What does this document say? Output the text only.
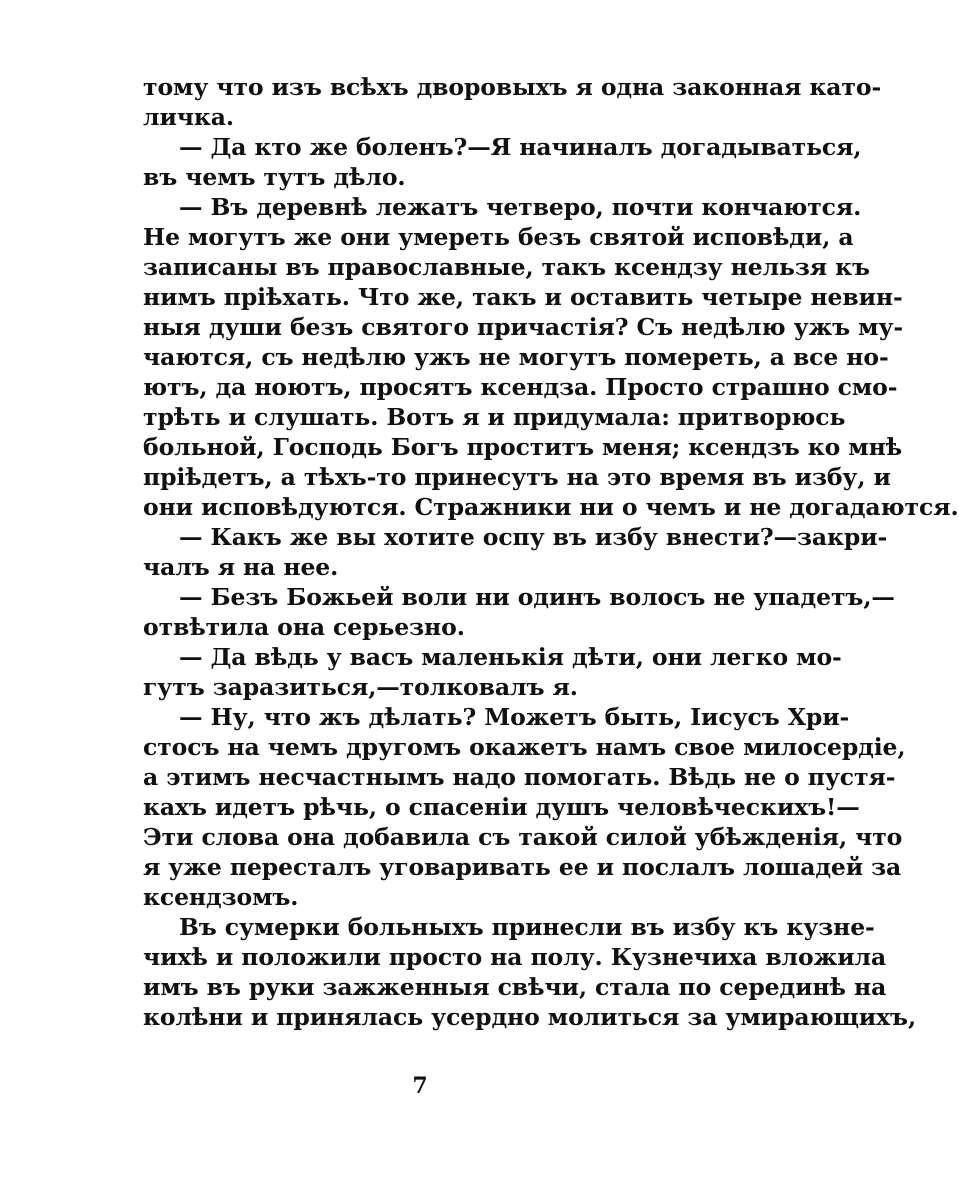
тому что изъ всѣхъ дворовыхъ я одна законная като-
личка.
— Да кто же боленъ?—Я начиналъ догадываться,
въ чемъ тутъ дѣло.
— Въ деревнѣ лежатъ четверо, почти кончаются.
Не могутъ же они умереть безъ святой исповѣди, а
записаны въ православные, такъ ксендзу нельзя къ
нимъ пріѣхать. Что же, такъ и оставить четыре невин-
ныя души безъ святого причастія? Съ недѣлю ужъ му-
чаются, съ недѣлю ужъ не могутъ помереть, а все но-
ютъ, да ноютъ, просятъ ксендза. Просто страшно смо-
трѣть и слушать. Вотъ я и придумала: притворюсь
больной, Господь Богъ проститъ меня; ксендзъ ко мнѣ
пріѣдетъ, а тѣхъ-то принесутъ на это время въ избу, и
они исповѣдуются. Стражники ни о чемъ и не догадаются.
— Какъ же вы хотите оспу въ избу внести?—закри-
чалъ я на нее.
— Безъ Божьей воли ни одинъ волосъ не упадетъ,—
отвѣтила она серьезно.
— Да вѣдь у васъ маленькія дѣти, они легко мо-
гутъ заразиться,—толковалъ я.
— Ну, что жъ дѣлать? Можетъ быть, Іисусъ Хри-
стосъ на чемъ другомъ окажетъ намъ свое милосердіе,
а этимъ несчастнымъ надо помогать. Вѣдь не о пустя-
кахъ идетъ рѣчь, о спасеніи душъ человѣческихъ!—
Эти слова она добавила съ такой силой убѣжденія, что
я уже пересталъ уговаривать ее и послалъ лошадей за
ксендзомъ.
Въ сумерки больныхъ принесли въ избу къ кузне-
чихѣ и положили просто на полу. Кузнечиха вложила
имъ въ руки зажженныя свѣчи, стала по серединѣ на
колѣни и принялась усердно молиться за умирающихъ,
7
